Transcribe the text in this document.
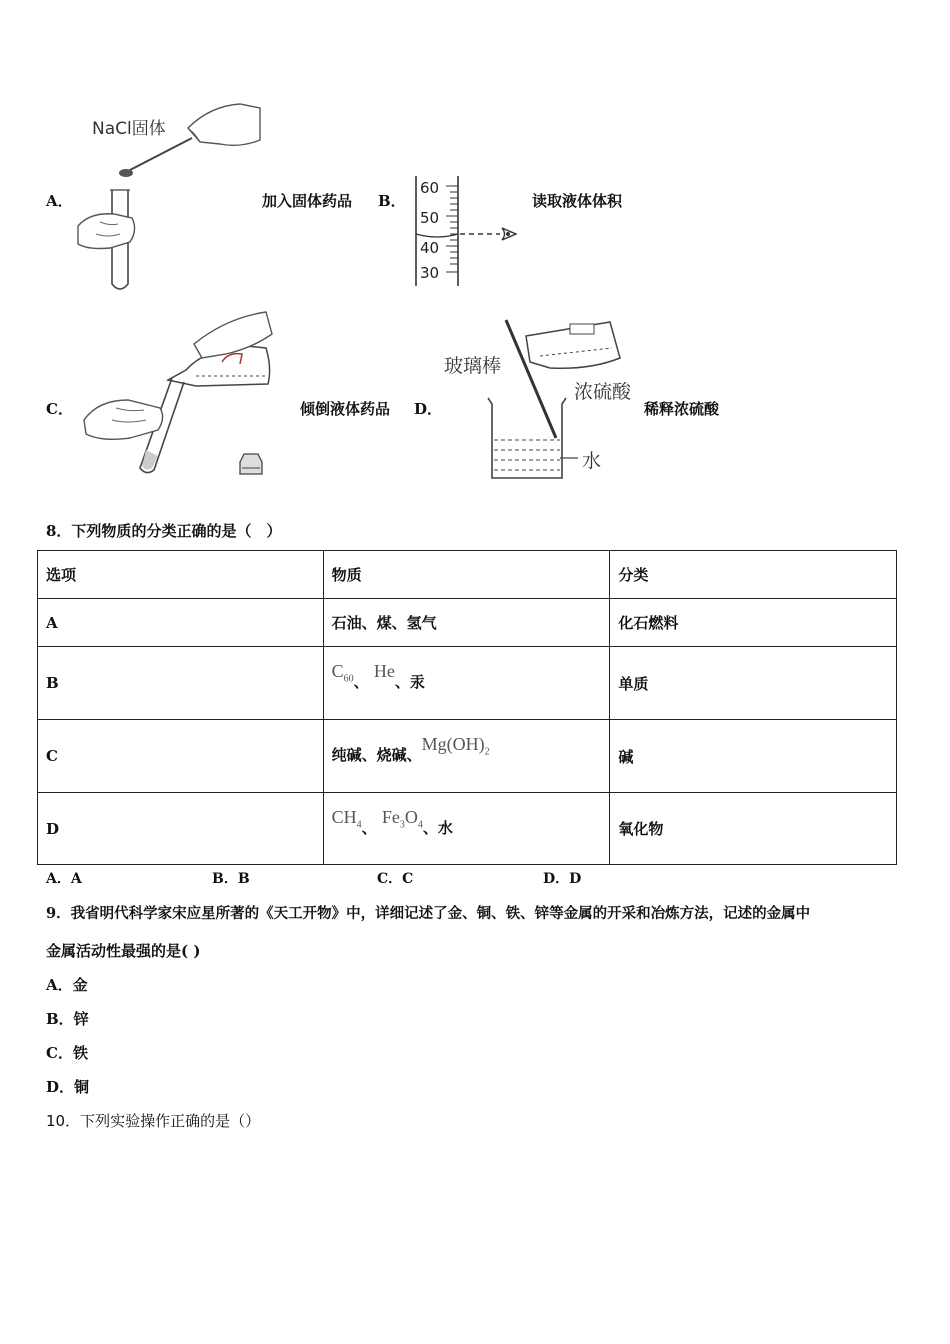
A．
NaCl固体
加入固体药品 B．
60
50
40
30
读取液体体积
C．	倾倒液体药品 D．
玻璃棒
浓硫酸
水
稀释浓硫酸
8．下列物质的分类正确的是（　）
选项	物质	分类
A	石油、煤、氢气	化石燃料
B	$C_{60}$、 He、汞	单质
C	纯碱、烧碱、$Mg(OH)_2$	碱
D	$CH_4$、 $Fe_3O_4$、水	氧化物
A．A	B．B	C．C	D．D
9．我省明代科学家宋应星所著的《天工开物》中，详细记述了金、铜、铁、锌等金属的开采和冶炼方法，记述的金属中
金属活动性最强的是( )
A．金
B．锌
C．铁
D．铜
10．下列实验操作正确的是（）
